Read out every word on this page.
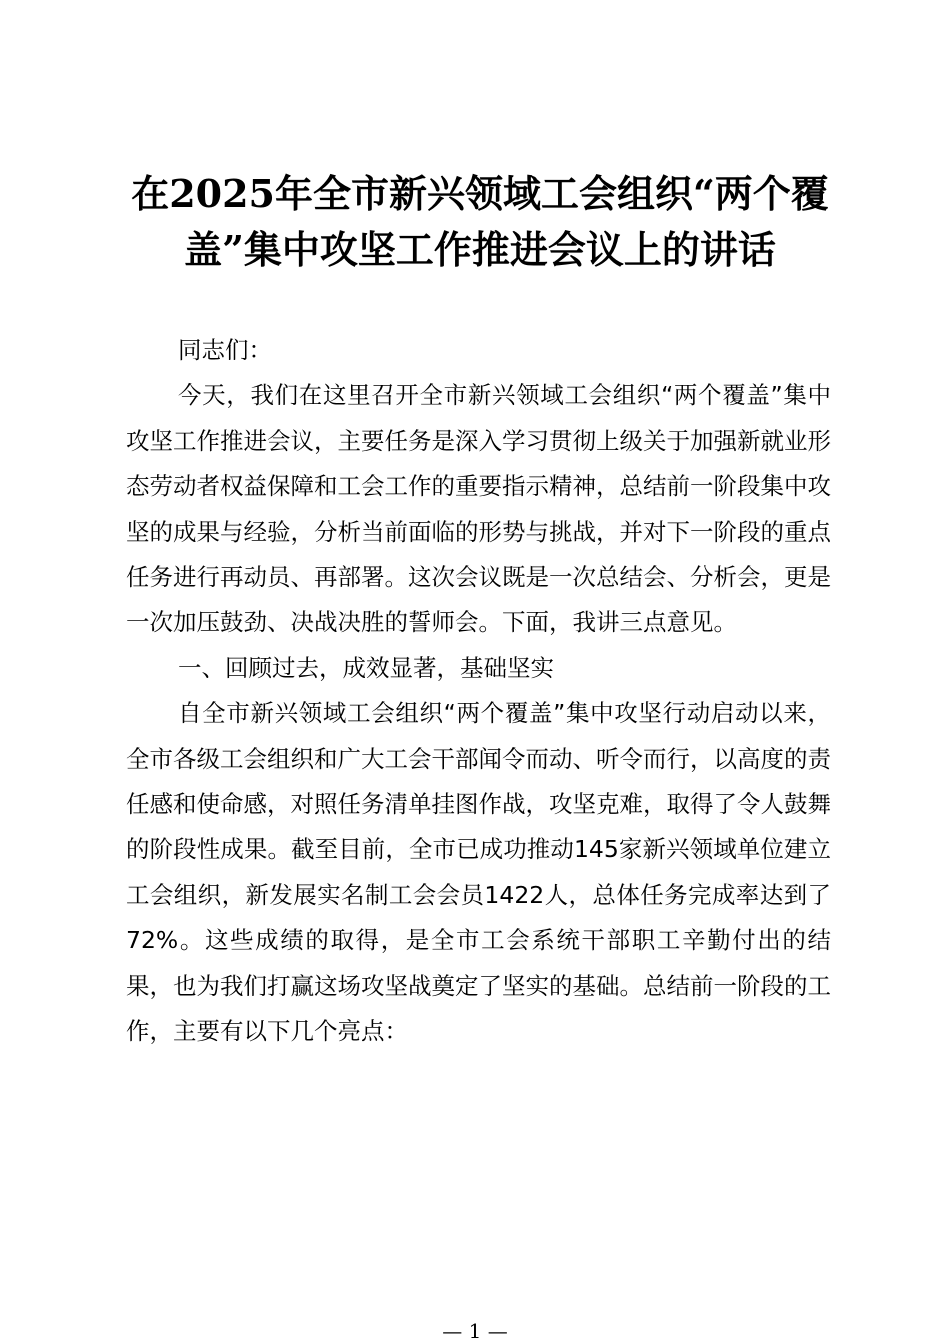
在2025年全市新兴领域工会组织“两个覆盖”集中攻坚工作推进会议上的讲话

同志们：

今天，我们在这里召开全市新兴领域工会组织“两个覆盖”集中攻坚工作推进会议，主要任务是深入学习贯彻上级关于加强新就业形态劳动者权益保障和工会工作的重要指示精神，总结前一阶段集中攻坚的成果与经验，分析当前面临的形势与挑战，并对下一阶段的重点任务进行再动员、再部署。这次会议既是一次总结会、分析会，更是一次加压鼓劲、决战决胜的誓师会。下面，我讲三点意见。

一、回顾过去，成效显著，基础坚实

自全市新兴领域工会组织“两个覆盖”集中攻坚行动启动以来，全市各级工会组织和广大工会干部闻令而动、听令而行，以高度的责任感和使命感，对照任务清单挂图作战，攻坚克难，取得了令人鼓舞的阶段性成果。截至目前，全市已成功推动145家新兴领域单位建立工会组织，新发展实名制工会会员1422人，总体任务完成率达到了72%。这些成绩的取得，是全市工会系统干部职工辛勤付出的结果，也为我们打赢这场攻坚战奠定了坚实的基础。总结前一阶段的工作，主要有以下几个亮点：

— 1 —
